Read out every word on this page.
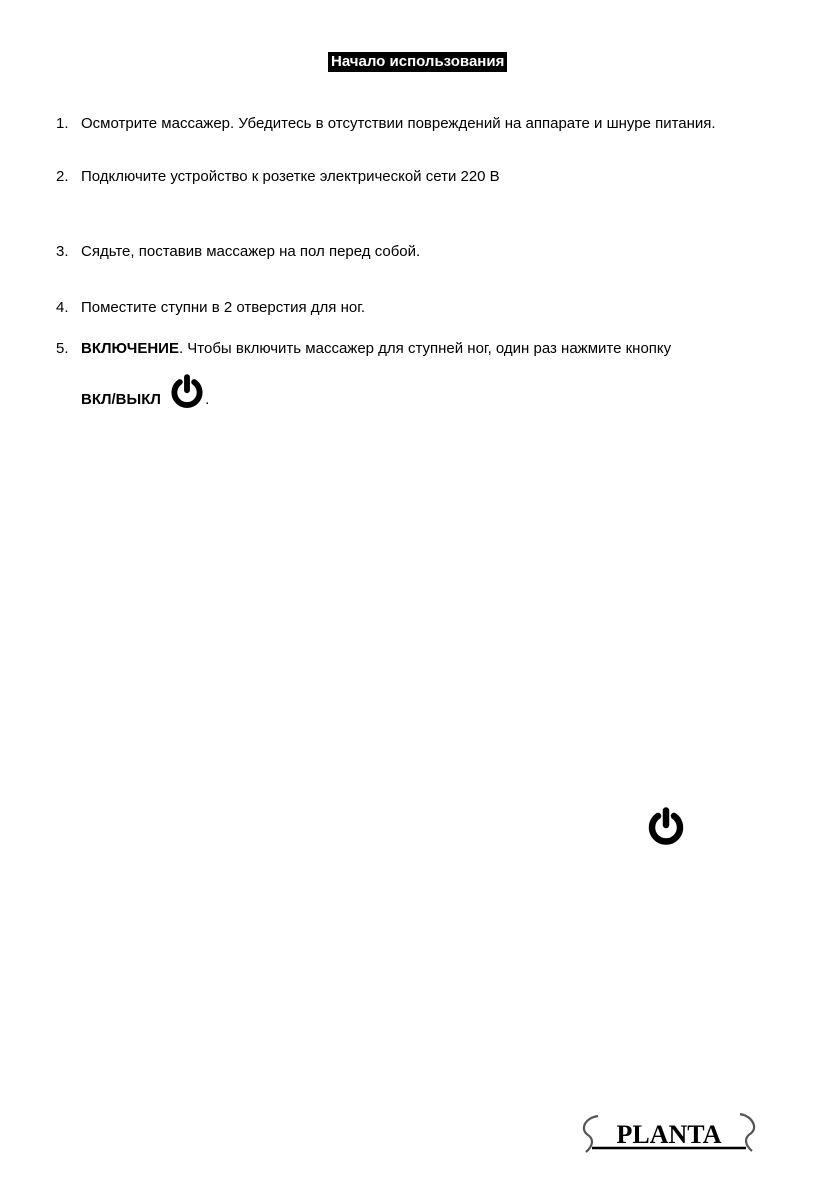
Начало использования
1. Осмотрите массажер. Убедитесь в отсутствии повреждений на аппарате и шнуре питания.
2. Подключите устройство к розетке электрической сети 220 В
3. Сядьте, поставив массажер на пол перед собой.
4. Поместите ступни в 2 отверстия для ног.
5. ВКЛЮЧЕНИЕ. Чтобы включить массажер для ступней ног, один раз нажмите кнопку
ВКЛ/ВЫКЛ	.
PLANTA
